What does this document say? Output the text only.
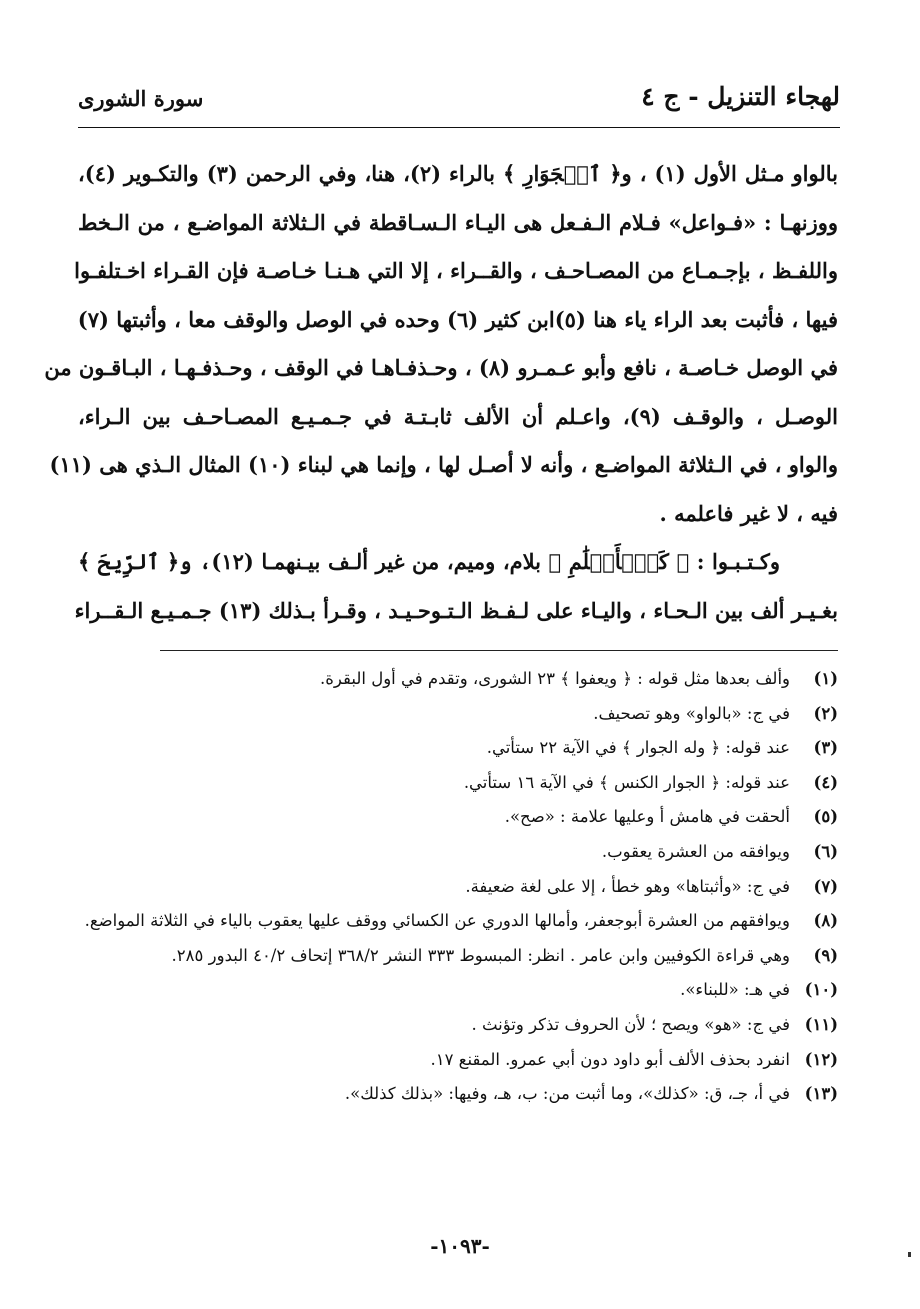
لهجاء التنزيل - ج ٤
سورة الشورى
بالواو مـثل الأول (١) ، و﴿ ٱلۡجَوَارِ ﴾ بالراء (٢)، هنا، وفي الرحمن (٣) والتكـوير (٤)،
ووزنهـا : «فـواعل» فـلام الـفـعل هى اليـاء الـسـاقطة في الـثلاثة المواضـع ، من الـخط
واللفـظ ، بإجـمـاع من المصـاحـف ، والقــراء ، إلا التي هـنـا خـاصـة فإن القـراء اخـتلفـوا
فيها ، فأثبت بعد الراء ياء هنا (٥)ابن كثير (٦) وحده في الوصل والوقف معا ، وأثبتها (٧)
في الوصل خـاصـة ، نافع وأبو عـمـرو (٨) ، وحـذفـاهـا في الوقف ، وحـذفـهـا ، البـاقـون من
الوصـل ، والوقـف (٩)، واعـلم أن الألف ثابـتـة في جـمـيـع المصـاحـف بين الـراء،
والواو ، في الـثلاثة المواضـع ، وأنه لا أصـل لها ، وإنما هي لبناء (١٠) المثال الـذي هى (١١)
فيه ، لا غير فاعلمه .
وكـتـبـوا : ﴿ كَٱلۡأَعۡلَٰمِ ﴾ بلام، وميم، من غير ألـف بيـنهمـا (١٢)، و﴿ ٱلرِّيحَ ﴾
بغـيـر ألف بين الـحـاء ، واليـاء على لـفـظ الـتـوحـيـد ، وقـرأ بـذلك (١٣) جـمـيـع الـقــراء
(١)
وألف بعدها مثل قوله : ﴿ ويعفوا ﴾ ٢٣ الشورى، وتقدم في أول البقرة.
(٢)
في ج: «بالواو» وهو تصحيف.
(٣)
عند قوله: ﴿ وله الجوار ﴾ في الآية ٢٢ ستأتي.
(٤)
عند قوله: ﴿ الجوار الكنس ﴾ في الآية ١٦ ستأتي.
(٥)
ألحقت في هامش أ وعليها علامة : «صح».
(٦)
ويوافقه من العشرة يعقوب.
(٧)
في ج: «وأثبتاها» وهو خطأ ، إلا على لغة ضعيفة.
(٨)
ويوافقهم من العشرة أبوجعفر، وأمالها الدوري عن الكسائي ووقف عليها يعقوب بالياء في الثلاثة المواضع.
(٩)
وهي قراءة الكوفيين وابن عامر . انظر: المبسوط ٣٣٣ النشر ٣٦٨/٢ إتحاف ٤٠/٢ البدور ٢٨٥.
(١٠)
في هـ: «للبناء».
(١١)
في ج: «هو» ويصح ؛ لأن الحروف تذكر وتؤنث .
(١٢)
انفرد بحذف الألف أبو داود دون أبي عمرو. المقنع ١٧.
(١٣)
في أ، جـ، ق: «كذلك»، وما أثبت من: ب، هـ، وفيها: «بذلك كذلك».
-١٠٩٣-
